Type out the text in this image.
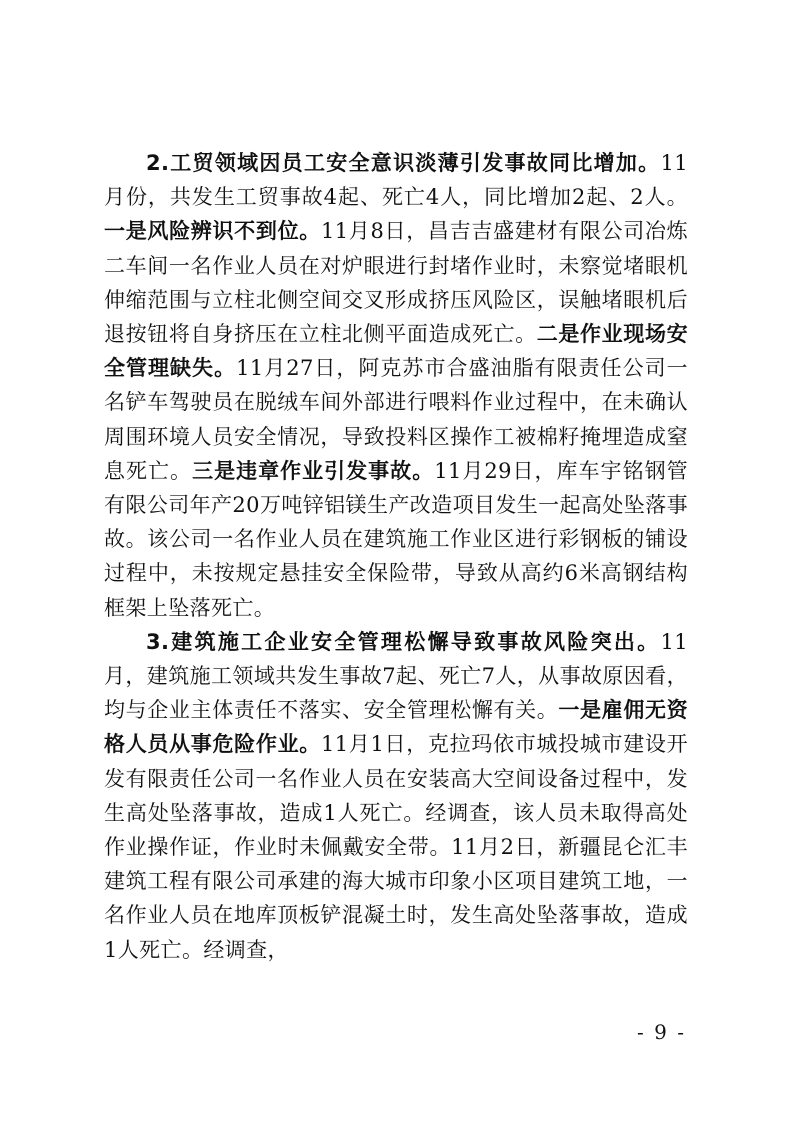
2.工贸领域因员工安全意识淡薄引发事故同比增加。11月份，共发生工贸事故4起、死亡4人，同比增加2起、2人。一是风险辨识不到位。11月8日，昌吉吉盛建材有限公司冶炼二车间一名作业人员在对炉眼进行封堵作业时，未察觉堵眼机伸缩范围与立柱北侧空间交叉形成挤压风险区，误触堵眼机后退按钮将自身挤压在立柱北侧平面造成死亡。二是作业现场安全管理缺失。11月27日，阿克苏市合盛油脂有限责任公司一名铲车驾驶员在脱绒车间外部进行喂料作业过程中，在未确认周围环境人员安全情况，导致投料区操作工被棉籽掩埋造成窒息死亡。三是违章作业引发事故。11月29日，库车宇铭钢管有限公司年产20万吨锌铝镁生产改造项目发生一起高处坠落事故。该公司一名作业人员在建筑施工作业区进行彩钢板的铺设过程中，未按规定悬挂安全保险带，导致从高约6米高钢结构框架上坠落死亡。

3.建筑施工企业安全管理松懈导致事故风险突出。11月，建筑施工领域共发生事故7起、死亡7人，从事故原因看，均与企业主体责任不落实、安全管理松懈有关。一是雇佣无资格人员从事危险作业。11月1日，克拉玛依市城投城市建设开发有限责任公司一名作业人员在安装高大空间设备过程中，发生高处坠落事故，造成1人死亡。经调查，该人员未取得高处作业操作证，作业时未佩戴安全带。11月2日，新疆昆仑汇丰建筑工程有限公司承建的海大城市印象小区项目建筑工地，一名作业人员在地库顶板铲混凝土时，发生高处坠落事故，造成1人死亡。经调查，

- 9 -
